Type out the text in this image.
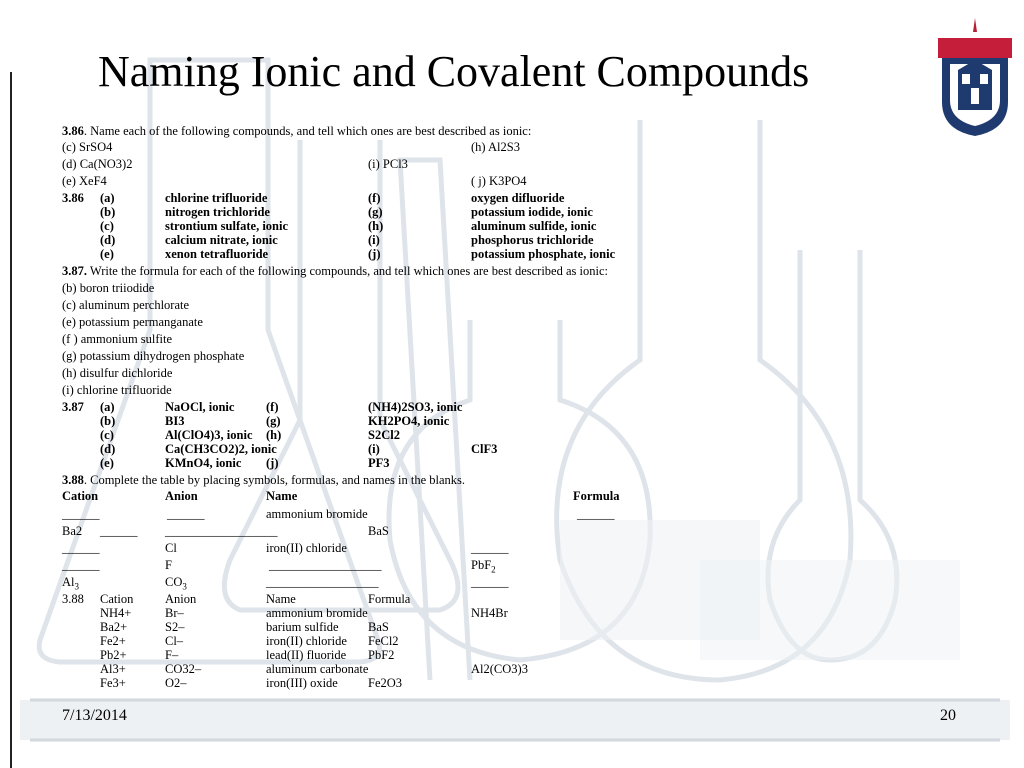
Naming Ionic and Covalent Compounds
3.86. Name each of the following compounds, and tell which ones are best described as ionic:
(c) SrSO4	(h) Al2S3
(d) Ca(NO3)2	(i) PCl3
(e) XeF4	( j) K3PO4
3.86 (a)	chlorine trifluoride	(f)	oxygen difluoride
(b)	nitrogen trichloride	(g)	potassium iodide, ionic
(c)	strontium sulfate, ionic	(h)	aluminum sulfide, ionic
(d)	calcium nitrate, ionic	(i)	phosphorus trichloride
(e)	xenon tetrafluoride	(j)	potassium phosphate, ionic
3.87. Write the formula for each of the following compounds, and tell which ones are best described as ionic:
(b) boron triiodide
(c) aluminum perchlorate
(e) potassium permanganate
(f ) ammonium sulfite
(g) potassium dihydrogen phosphate
(h) disulfur dichloride
(i) chlorine trifluoride
3.87 (a)	NaOCl, ionic	(f)	(NH4)2SO3, ionic
(b)	BI3	(g)	KH2PO4, ionic
(c)	Al(ClO4)3, ionic (h)	S2Cl2
(d)	Ca(CH3CO2)2, ionic	(i)	ClF3
(e)	KMnO4, ionic (j)	PF3
3.88. Complete the table by placing symbols, formulas, and names in the blanks.
Cation	Anion	Name	Formula
______	______	ammonium bromide	______
Ba2 ______ __________________	BaS
______	Cl	iron(II) chloride	______
______	F	__________________	PbF$_2$
$Al_3$	$CO_3$	__________________	______
3.88 Cation	Anion	Name	Formula
NH4+	Br–	ammonium bromide	NH4Br
Ba2+	S2–	barium sulfide BaS
Fe2+	Cl–	iron(II) chloride FeCl2
Pb2+	F–	lead(II) fluoride PbF2
Al3+	CO32–	aluminum carbonate	Al2(CO3)3
Fe3+	O2–	iron(III) oxide Fe2O3
7/13/2014	20
